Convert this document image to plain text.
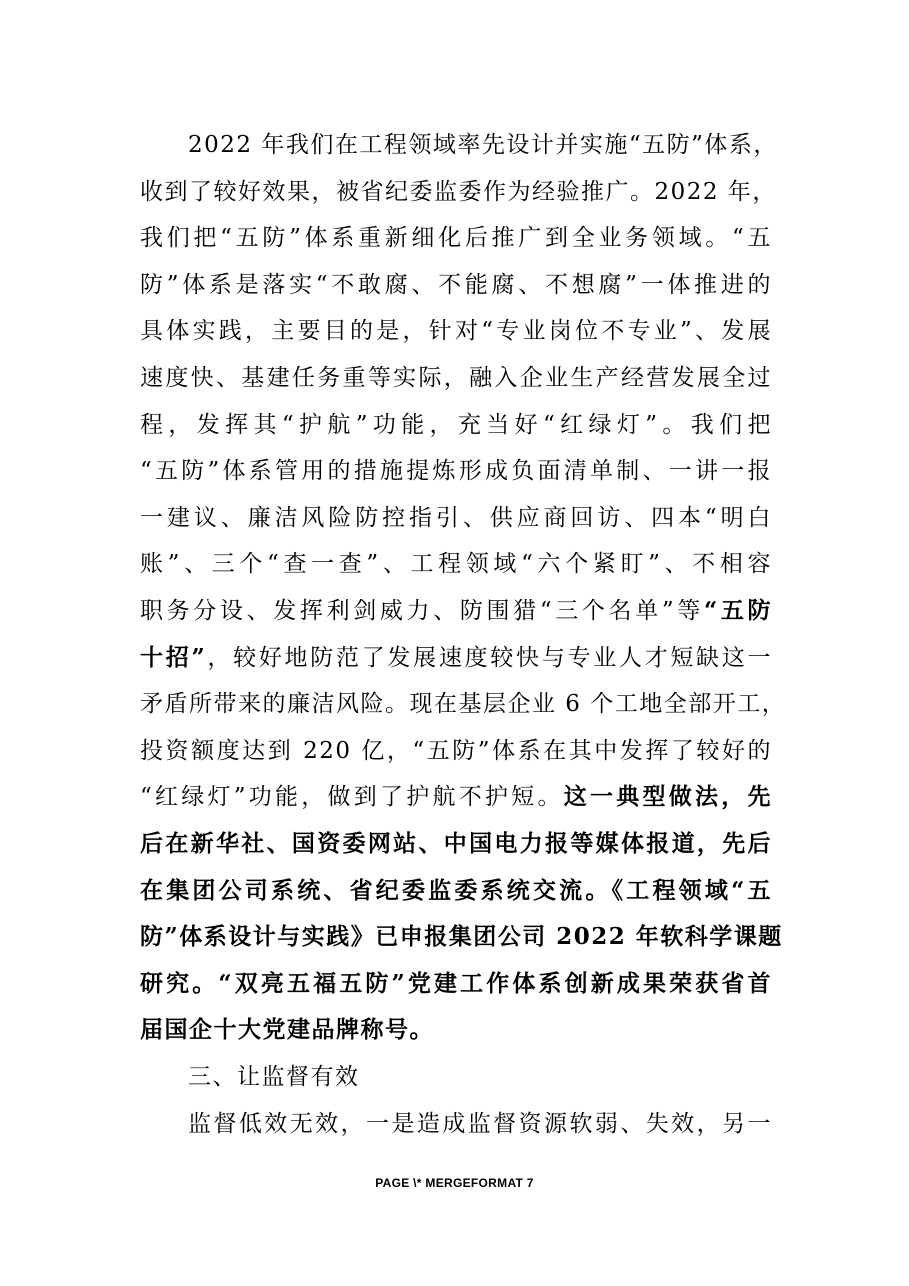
2022 年我们在工程领域率先设计并实施“五防”体系，
收到了较好效果，被省纪委监委作为经验推广。2022 年，
我们把“五防”体系重新细化后推广到全业务领域。“五
防”体系是落实“不敢腐、不能腐、不想腐”一体推进的
具体实践，主要目的是，针对“专业岗位不专业”、发展
速度快、基建任务重等实际，融入企业生产经营发展全过
程，发挥其“护航”功能，充当好“红绿灯”。我们把
“五防”体系管用的措施提炼形成负面清单制、一讲一报
一建议、廉洁风险防控指引、供应商回访、四本“明白
账”、三个“查一查”、工程领域“六个紧盯”、不相容
职务分设、发挥利剑威力、防围猎“三个名单”等“五防
十招”，较好地防范了发展速度较快与专业人才短缺这一
矛盾所带来的廉洁风险。现在基层企业 6 个工地全部开工，
投资额度达到 220 亿，“五防”体系在其中发挥了较好的
“红绿灯”功能，做到了护航不护短。这一典型做法，先
后在新华社、国资委网站、中国电力报等媒体报道，先后
在集团公司系统、省纪委监委系统交流。《工程领域“五
防”体系设计与实践》已申报集团公司 2022 年软科学课题
研究。“双亮五福五防”党建工作体系创新成果荣获省首
届国企十大党建品牌称号。
三、让监督有效
监督低效无效，一是造成监督资源软弱、失效，另一
PAGE \* MERGEFORMAT 7
